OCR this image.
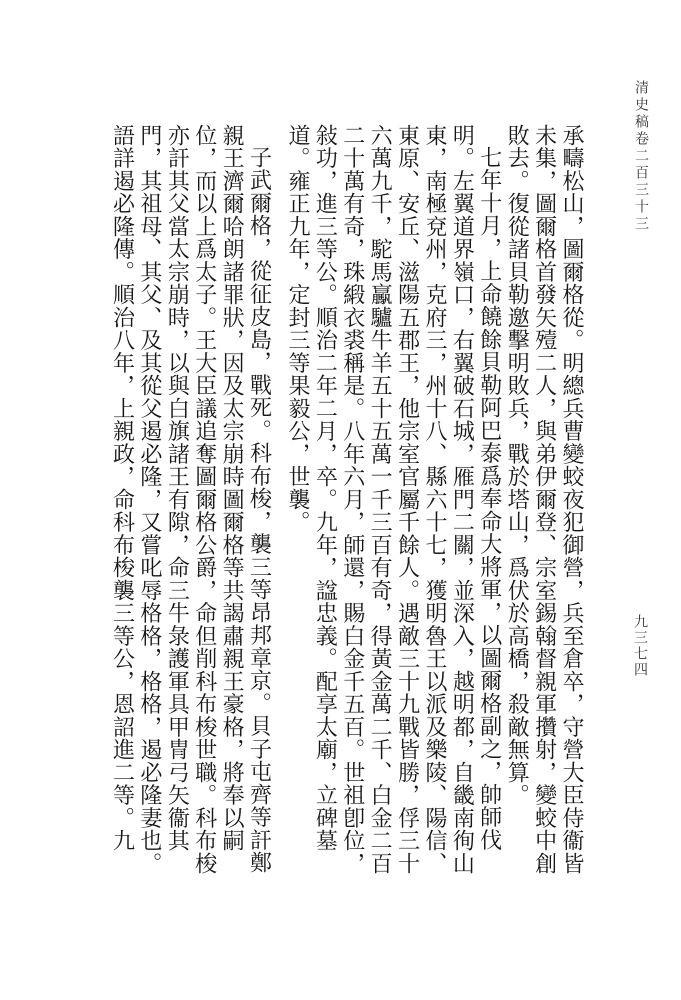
清史稿卷二百三十三
九三七四

承疇松山，圖爾格從。明總兵曹變蛟夜犯御營，兵至倉卒，守營大臣侍衞皆未集，圖爾格首發矢殪二人，與弟伊爾登、宗室錫翰督親軍攢射，變蛟中創敗去。復從諸貝勒邀擊明敗兵，戰於塔山，爲伏於高橋，殺敵無算。

七年十月，上命饒餘貝勒阿巴泰爲奉命大將軍，以圖爾格副之，帥師伐明。左翼道界嶺口，右翼破石城，雁門二關，並深入，越明都，自畿南徇山東，南極兗州，克府三，州十八、縣六十七，獲明魯王以派及樂陵、陽信、東原、安丘、滋陽五郡王，他宗室官屬千餘人。遇敵三十九戰皆勝，俘三十六萬九千，駝馬驘驢牛羊五十五萬一千三百有奇，得黃金萬二千、白金二百二十萬有奇，珠緞衣裘稱是。八年六月，師還，賜白金千五百。世祖卽位，敍功，進三等公。順治二年二月，卒。九年，諡忠義。配享太廟，立碑墓道。雍正九年，定封三等果毅公，世襲。

子武爾格，從征皮島，戰死。科布梭，襲三等昂邦章京。貝子屯齊等訐鄭親王濟爾哈朗諸罪狀，因及太宗崩時圖爾格等共謁肅親王豪格，將奉以嗣位，而以上爲太子。王大臣議追奪圖爾格公爵，命但削科布梭世職。科布梭亦訐其父當太宗崩時，以與白旗諸王有隙，命三牛彔護軍具甲冑弓矢衞其門，其祖母、其父、及其從父遏必隆，又嘗叱辱格格，格格，遏必隆妻也。語詳遏必隆傳。順治八年，上親政，命科布梭襲三等公，恩詔進二等。九
